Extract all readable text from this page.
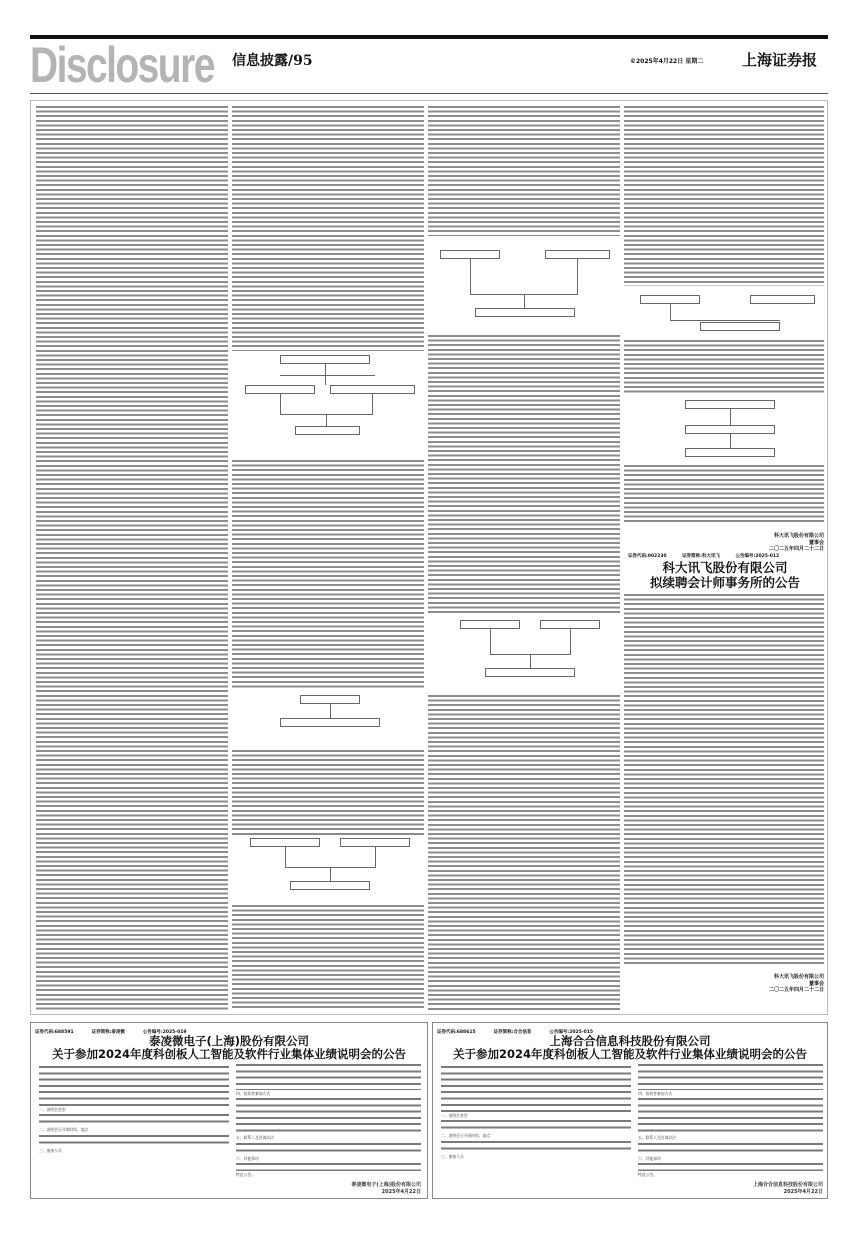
Disclosure 信息披露/95	©2025年4月22日 星期二	上海证券报
科大讯飞股份有限公司
董事会
二〇二五年四月二十二日
证券代码:002230 证券简称:科大讯飞 公告编号:2025-012
科大讯飞股份有限公司
拟续聘会计师事务所的公告
科大讯飞股份有限公司
董事会
二〇二五年四月二十二日
证券代码:688591	证券简称:泰凌微	公告编号:2025-019
泰凌微电子(上海)股份有限公司
关于参加2024年度科创板人工智能及软件行业集体业绩说明会的公告

一、说明会类型

二、说明会召开的时间、地点

三、参加人员

四、投资者参加方式

五、联系人及咨询办法

六、其他事项

特此公告。

泰凌微电子(上海)股份有限公司
2025年4月22日
证券代码:688615	证券简称:合合信息	公告编号:2025-015
上海合合信息科技股份有限公司
关于参加2024年度科创板人工智能及软件行业集体业绩说明会的公告

一、说明会类型

二、说明会召开的时间、地点

三、参加人员

四、投资者参加方式

五、联系人及咨询办法

六、其他事项

特此公告。

上海合合信息科技股份有限公司
2025年4月22日
